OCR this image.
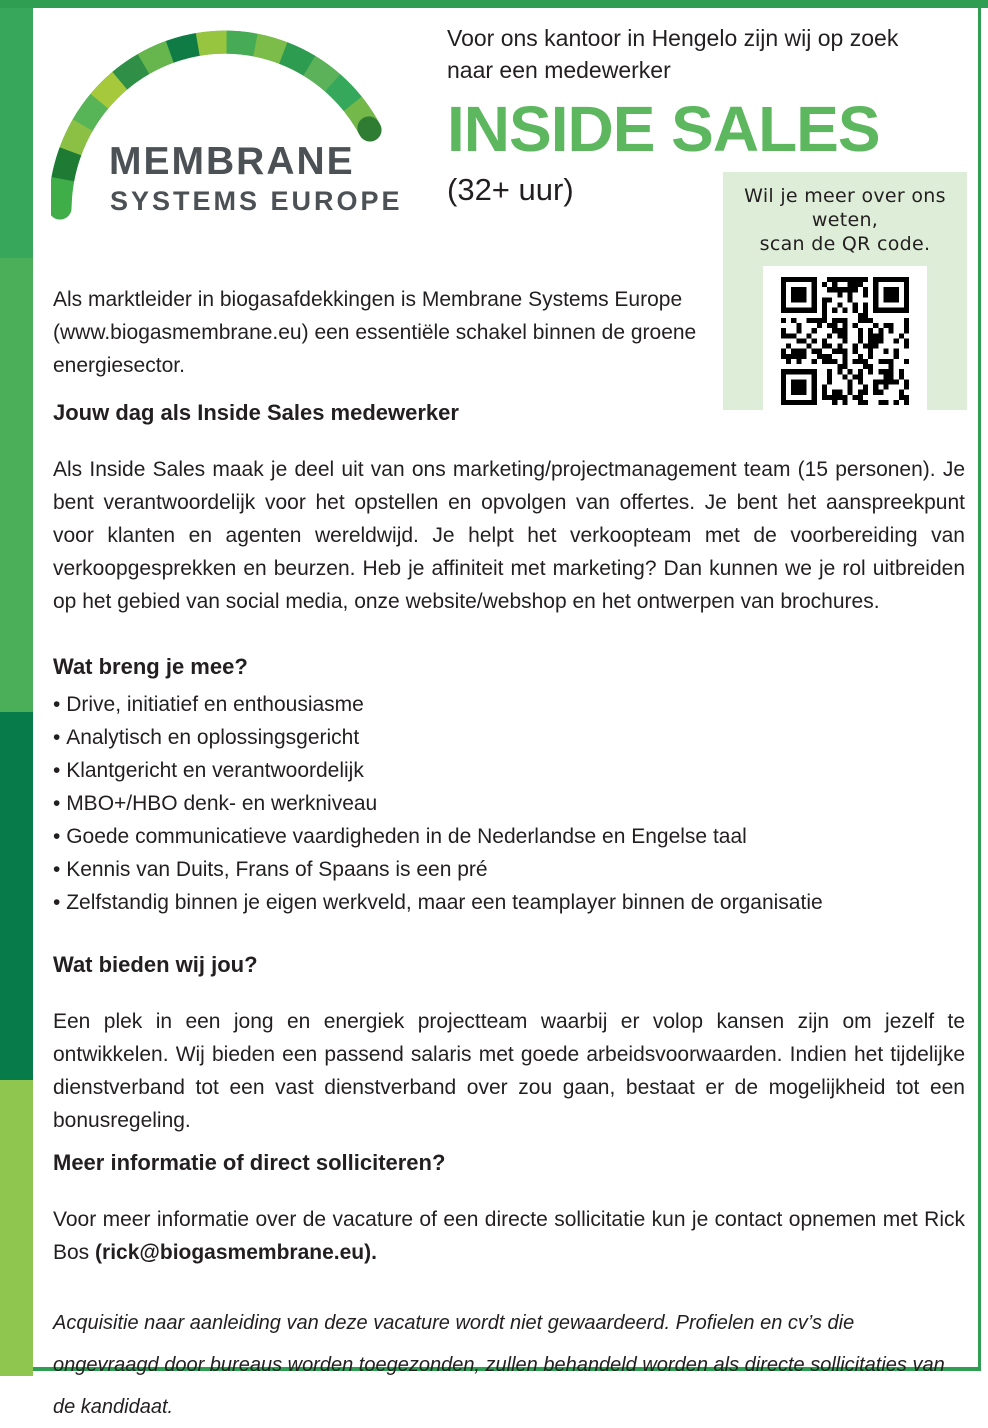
MEMBRANE
SYSTEMS EUROPE
Voor ons kantoor in Hengelo zijn wij op zoek
naar een medewerker
INSIDE SALES
(32+ uur)	Wil je meer over ons weten,
scan de QR code.

Als marktleider in biogasafdekkingen is Membrane Systems Europe (www.biogasmembrane.eu) een essentiële schakel binnen de groene energiesector.

Jouw dag als Inside Sales medewerker

Als Inside Sales maak je deel uit van ons marketing/projectmanagement team (15 personen). Je bent verantwoordelijk voor het opstellen en opvolgen van offertes. Je bent het aanspreekpunt voor klanten en agenten wereldwijd. Je helpt het verkoopteam met de voorbereiding van verkoopgesprekken en beurzen. Heb je affiniteit met marketing? Dan kunnen we je rol uitbreiden op het gebied van social media, onze website/webshop en het ontwerpen van brochures.

Wat breng je mee?
• Drive, initiatief en enthousiasme
• Analytisch en oplossingsgericht
• Klantgericht en verantwoordelijk
• MBO+/HBO denk- en werkniveau
• Goede communicatieve vaardigheden in de Nederlandse en Engelse taal
• Kennis van Duits, Frans of Spaans is een pré
• Zelfstandig binnen je eigen werkveld, maar een teamplayer binnen de organisatie
Wat bieden wij jou?

Een plek in een jong en energiek projectteam waarbij er volop kansen zijn om jezelf te ontwikkelen. Wij bieden een passend salaris met goede arbeidsvoorwaarden. Indien het tijdelijke dienstverband tot een vast dienstverband over zou gaan, bestaat er de mogelijkheid tot een bonusregeling.

Meer informatie of direct solliciteren?

Voor meer informatie over de vacature of een directe sollicitatie kun je contact opnemen met Rick Bos (rick@biogasmembrane.eu).

Acquisitie naar aanleiding van deze vacature wordt niet gewaardeerd. Profielen en cv’s die ongevraagd door bureaus worden toegezonden, zullen behandeld worden als directe sollicitaties van de kandidaat.
